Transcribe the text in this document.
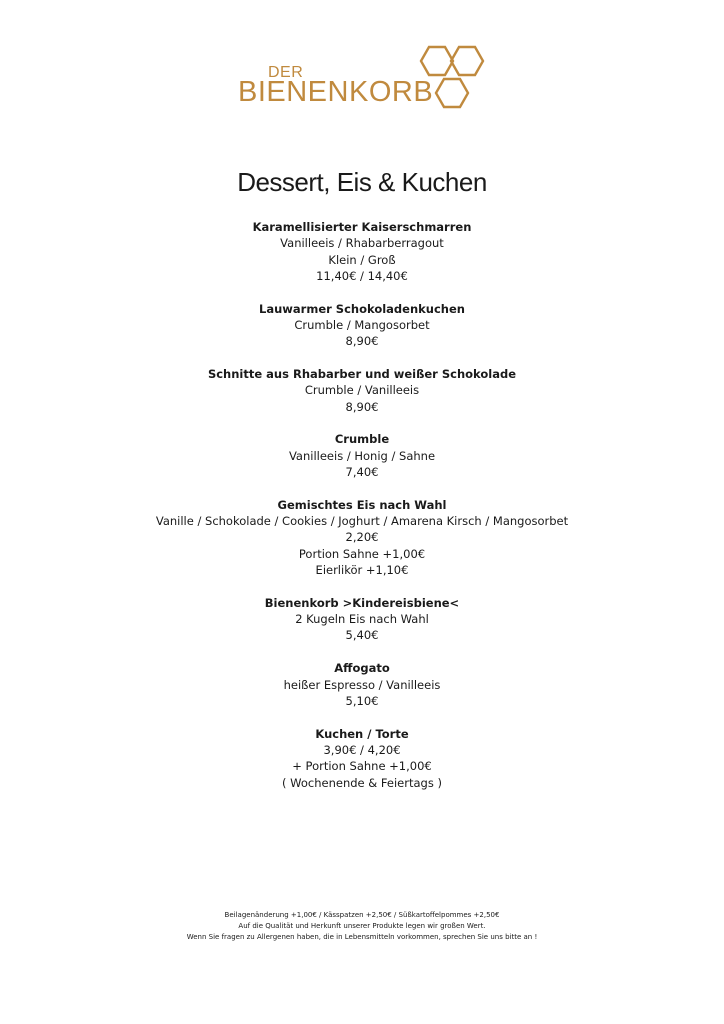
DER
BIENENKORB
Dessert, Eis & Kuchen
Karamellisierter Kaiserschmarren
Vanilleeis / Rhabarberragout
Klein / Groß
11,40€ / 14,40€
Lauwarmer Schokoladenkuchen
Crumble / Mangosorbet
8,90€
Schnitte aus Rhabarber und weißer Schokolade
Crumble / Vanilleeis
8,90€
Crumble
Vanilleeis / Honig / Sahne
7,40€
Gemischtes Eis nach Wahl
Vanille / Schokolade / Cookies / Joghurt / Amarena Kirsch / Mangosorbet
2,20€
Portion Sahne +1,00€
Eierlikör +1,10€
Bienenkorb >Kindereisbiene<
2 Kugeln Eis nach Wahl
5,40€
Affogato
heißer Espresso / Vanilleeis
5,10€
Kuchen / Torte
3,90€ / 4,20€
+ Portion Sahne +1,00€
( Wochenende & Feiertags )
Beilagenänderung +1,00€ / Kässpatzen +2,50€ / Süßkartoffelpommes +2,50€
Auf die Qualität und Herkunft unserer Produkte legen wir großen Wert.
Wenn Sie fragen zu Allergenen haben, die in Lebensmitteln vorkommen, sprechen Sie uns bitte an !
